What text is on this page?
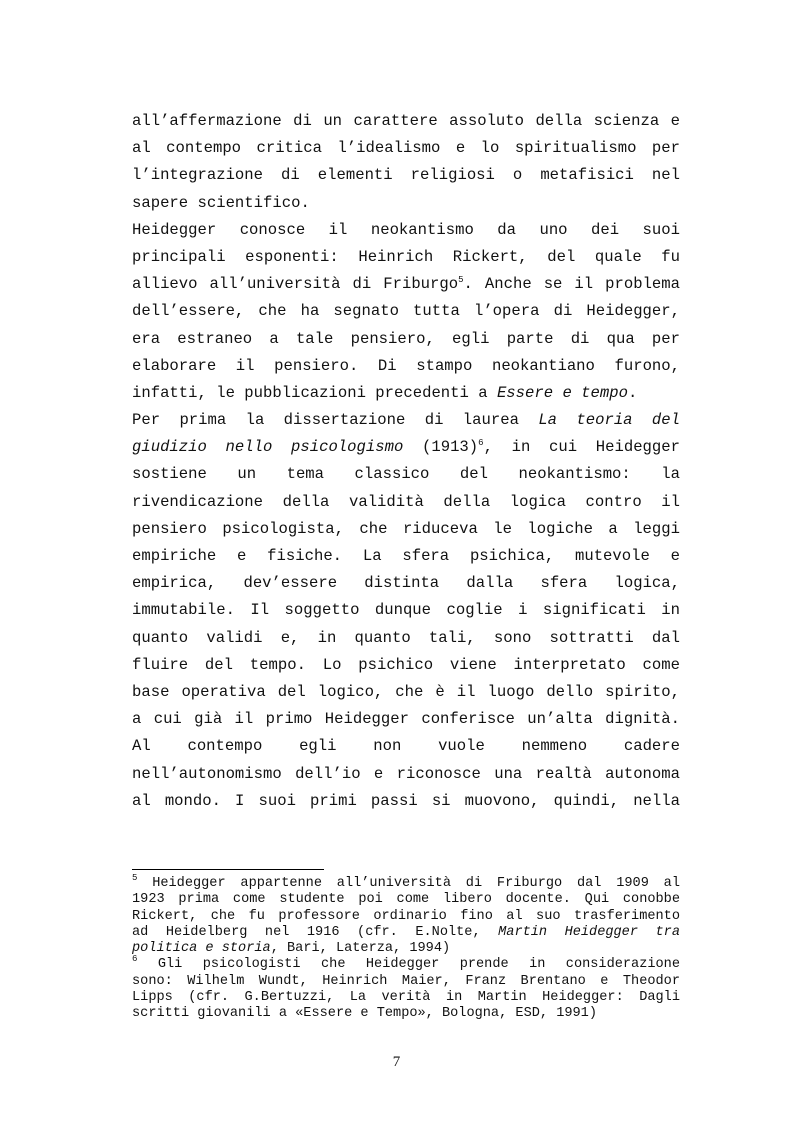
all’affermazione di un carattere assoluto della scienza e
al contempo critica l’idealismo e lo spiritualismo per
l’integrazione di elementi religiosi o metafisici nel
sapere scientifico.
Heidegger conosce il neokantismo da uno dei suoi
principali esponenti: Heinrich Rickert, del quale fu
allievo all’università di Friburgo$^5$. Anche se il problema
dell’essere, che ha segnato tutta l’opera di Heidegger,
era estraneo a tale pensiero, egli parte di qua per
elaborare il pensiero. Di stampo neokantiano furono,
infatti, le pubblicazioni precedenti a Essere e tempo.
Per prima la dissertazione di laurea La teoria del
giudizio nello psicologismo $(1913)^6$, in cui Heidegger
sostiene un tema classico del neokantismo: la
rivendicazione della validità della logica contro il
pensiero psicologista, che riduceva le logiche a leggi
empiriche e fisiche. La sfera psichica, mutevole e
empirica, dev’essere distinta dalla sfera logica,
immutabile. Il soggetto dunque coglie i significati in
quanto validi e, in quanto tali, sono sottratti dal
fluire del tempo. Lo psichico viene interpretato come
base operativa del logico, che è il luogo dello spirito,
a cui già il primo Heidegger conferisce un’alta dignità.
Al contempo egli non vuole nemmeno cadere
nell’autonomismo dell’io e riconosce una realtà autonoma
al mondo. I suoi primi passi si muovono, quindi, nella
$^5$ Heidegger appartenne all’università di Friburgo dal 1909 al
1923 prima come studente poi come libero docente. Qui conobbe
Rickert, che fu professore ordinario fino al suo trasferimento
ad Heidelberg nel 1916 (cfr. E.Nolte, Martin Heidegger tra
politica e storia, Bari, Laterza, 1994)
$^6$ Gli psicologisti che Heidegger prende in considerazione
sono: Wilhelm Wundt, Heinrich Maier, Franz Brentano e Theodor
Lipps (cfr. G.Bertuzzi, La verità in Martin Heidegger: Dagli
scritti giovanili a «Essere e Tempo», Bologna, ESD, 1991)
7
